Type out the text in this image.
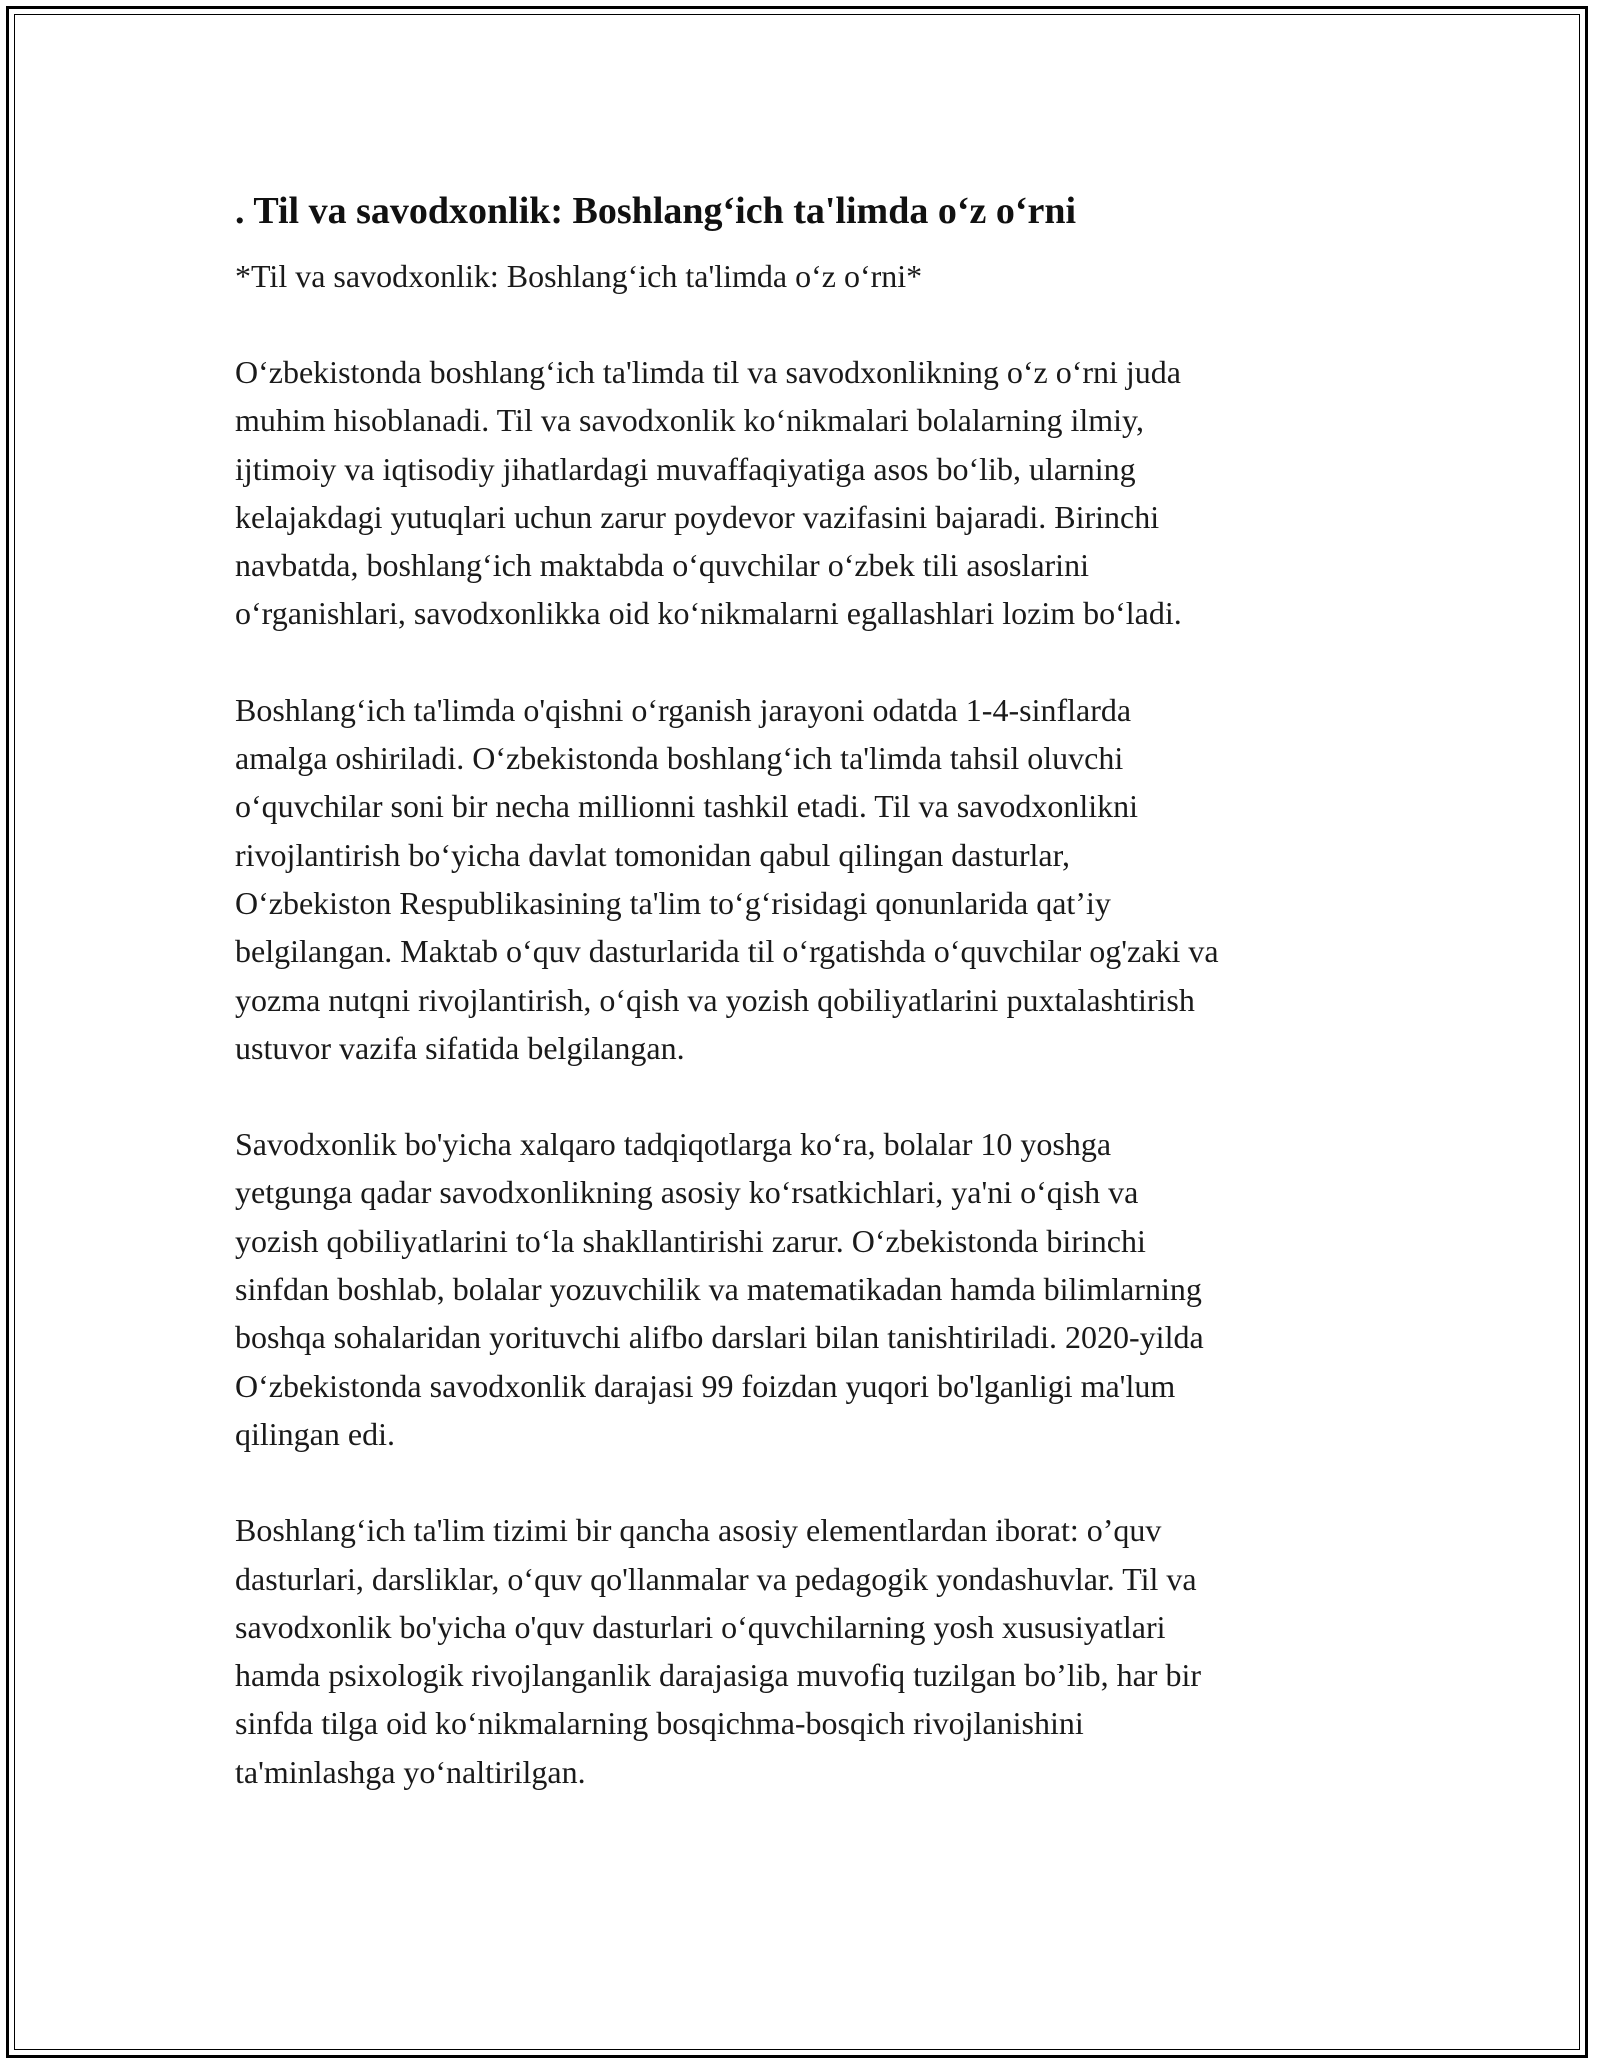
. Til va savodxonlik: Boshlang‘ich ta'limda o‘z o‘rni

*Til va savodxonlik: Boshlang‘ich ta'limda o‘z o‘rni*

O‘zbekistonda boshlang‘ich ta'limda til va savodxonlikning o‘z o‘rni juda
muhim hisoblanadi. Til va savodxonlik ko‘nikmalari bolalarning ilmiy,
ijtimoiy va iqtisodiy jihatlardagi muvaffaqiyatiga asos bo‘lib, ularning
kelajakdagi yutuqlari uchun zarur poydevor vazifasini bajaradi. Birinchi
navbatda, boshlang‘ich maktabda o‘quvchilar o‘zbek tili asoslarini
o‘rganishlari, savodxonlikka oid ko‘nikmalarni egallashlari lozim bo‘ladi.

Boshlang‘ich ta'limda o'qishni o‘rganish jarayoni odatda 1-4-sinflarda
amalga oshiriladi. O‘zbekistonda boshlang‘ich ta'limda tahsil oluvchi
o‘quvchilar soni bir necha millionni tashkil etadi. Til va savodxonlikni
rivojlantirish bo‘yicha davlat tomonidan qabul qilingan dasturlar,
O‘zbekiston Respublikasining ta'lim to‘g‘risidagi qonunlarida qat’iy
belgilangan. Maktab o‘quv dasturlarida til o‘rgatishda o‘quvchilar og'zaki va
yozma nutqni rivojlantirish, o‘qish va yozish qobiliyatlarini puxtalashtirish
ustuvor vazifa sifatida belgilangan.

Savodxonlik bo'yicha xalqaro tadqiqotlarga ko‘ra, bolalar 10 yoshga
yetgunga qadar savodxonlikning asosiy ko‘rsatkichlari, ya'ni o‘qish va
yozish qobiliyatlarini to‘la shakllantirishi zarur. O‘zbekistonda birinchi
sinfdan boshlab, bolalar yozuvchilik va matematikadan hamda bilimlarning
boshqa sohalaridan yorituvchi alifbo darslari bilan tanishtiriladi. 2020-yilda
O‘zbekistonda savodxonlik darajasi 99 foizdan yuqori bo'lganligi ma'lum
qilingan edi.

Boshlang‘ich ta'lim tizimi bir qancha asosiy elementlardan iborat: o’quv
dasturlari, darsliklar, o‘quv qo'llanmalar va pedagogik yondashuvlar. Til va
savodxonlik bo'yicha o'quv dasturlari o‘quvchilarning yosh xususiyatlari
hamda psixologik rivojlanganlik darajasiga muvofiq tuzilgan bo’lib, har bir
sinfda tilga oid ko‘nikmalarning bosqichma-bosqich rivojlanishini
ta'minlashga yo‘naltirilgan.
